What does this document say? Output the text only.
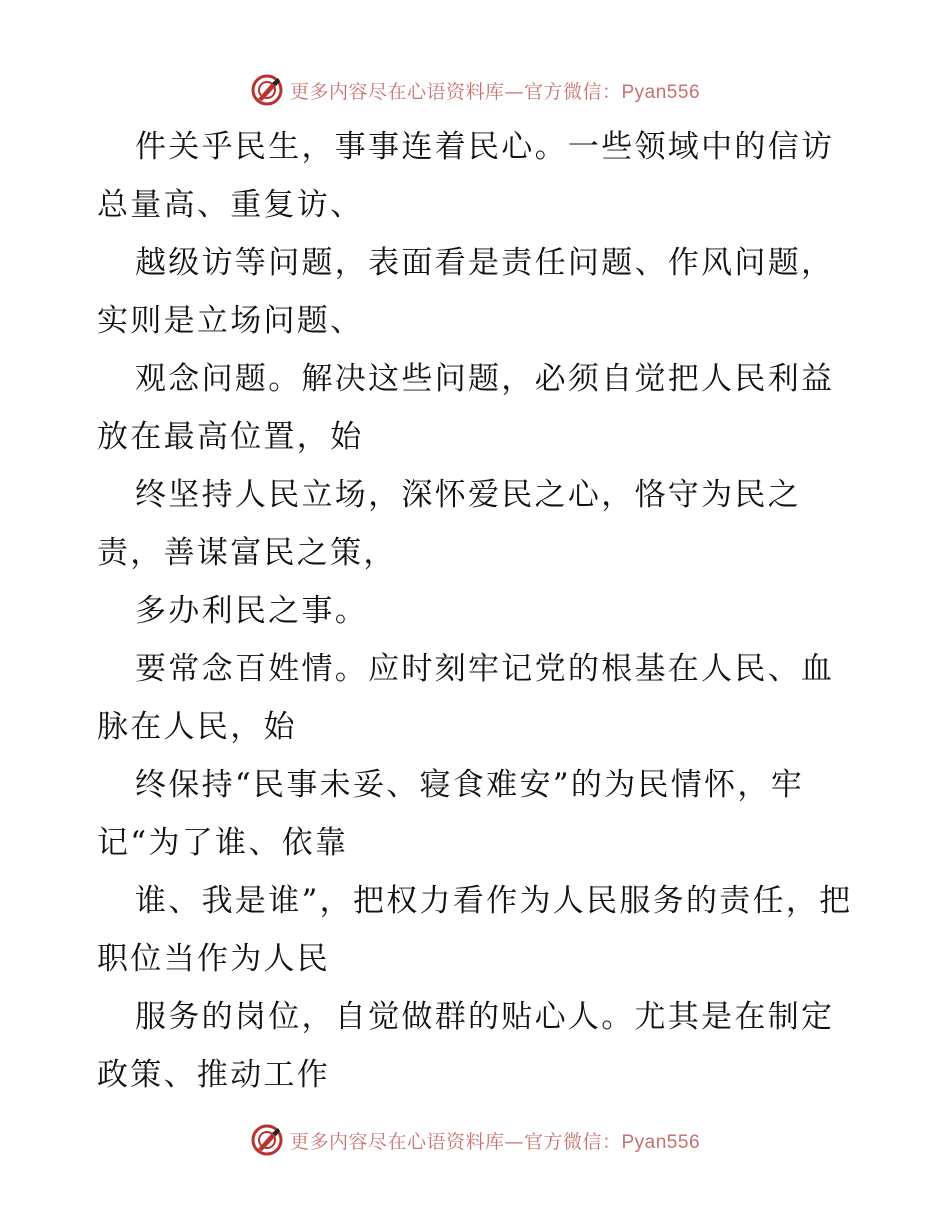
更多内容尽在心语资料库—官方微信：Pyan556

件关乎民生，事事连着民心。一些领域中的信访总量高、重复访、

越级访等问题，表面看是责任问题、作风问题，实则是立场问题、

观念问题。解决这些问题，必须自觉把人民利益放在最高位置，始

终坚持人民立场，深怀爱民之心，恪守为民之责，善谋富民之策，

多办利民之事。

要常念百姓情。应时刻牢记党的根基在人民、血脉在人民，始

终保持“民事未妥、寝食难安”的为民情怀，牢记“为了谁、依靠

谁、我是谁”，把权力看作为人民服务的责任，把职位当作为人民

服务的岗位，自觉做群的贴心人。尤其是在制定政策、推动工作

更多内容尽在心语资料库—官方微信：Pyan556
